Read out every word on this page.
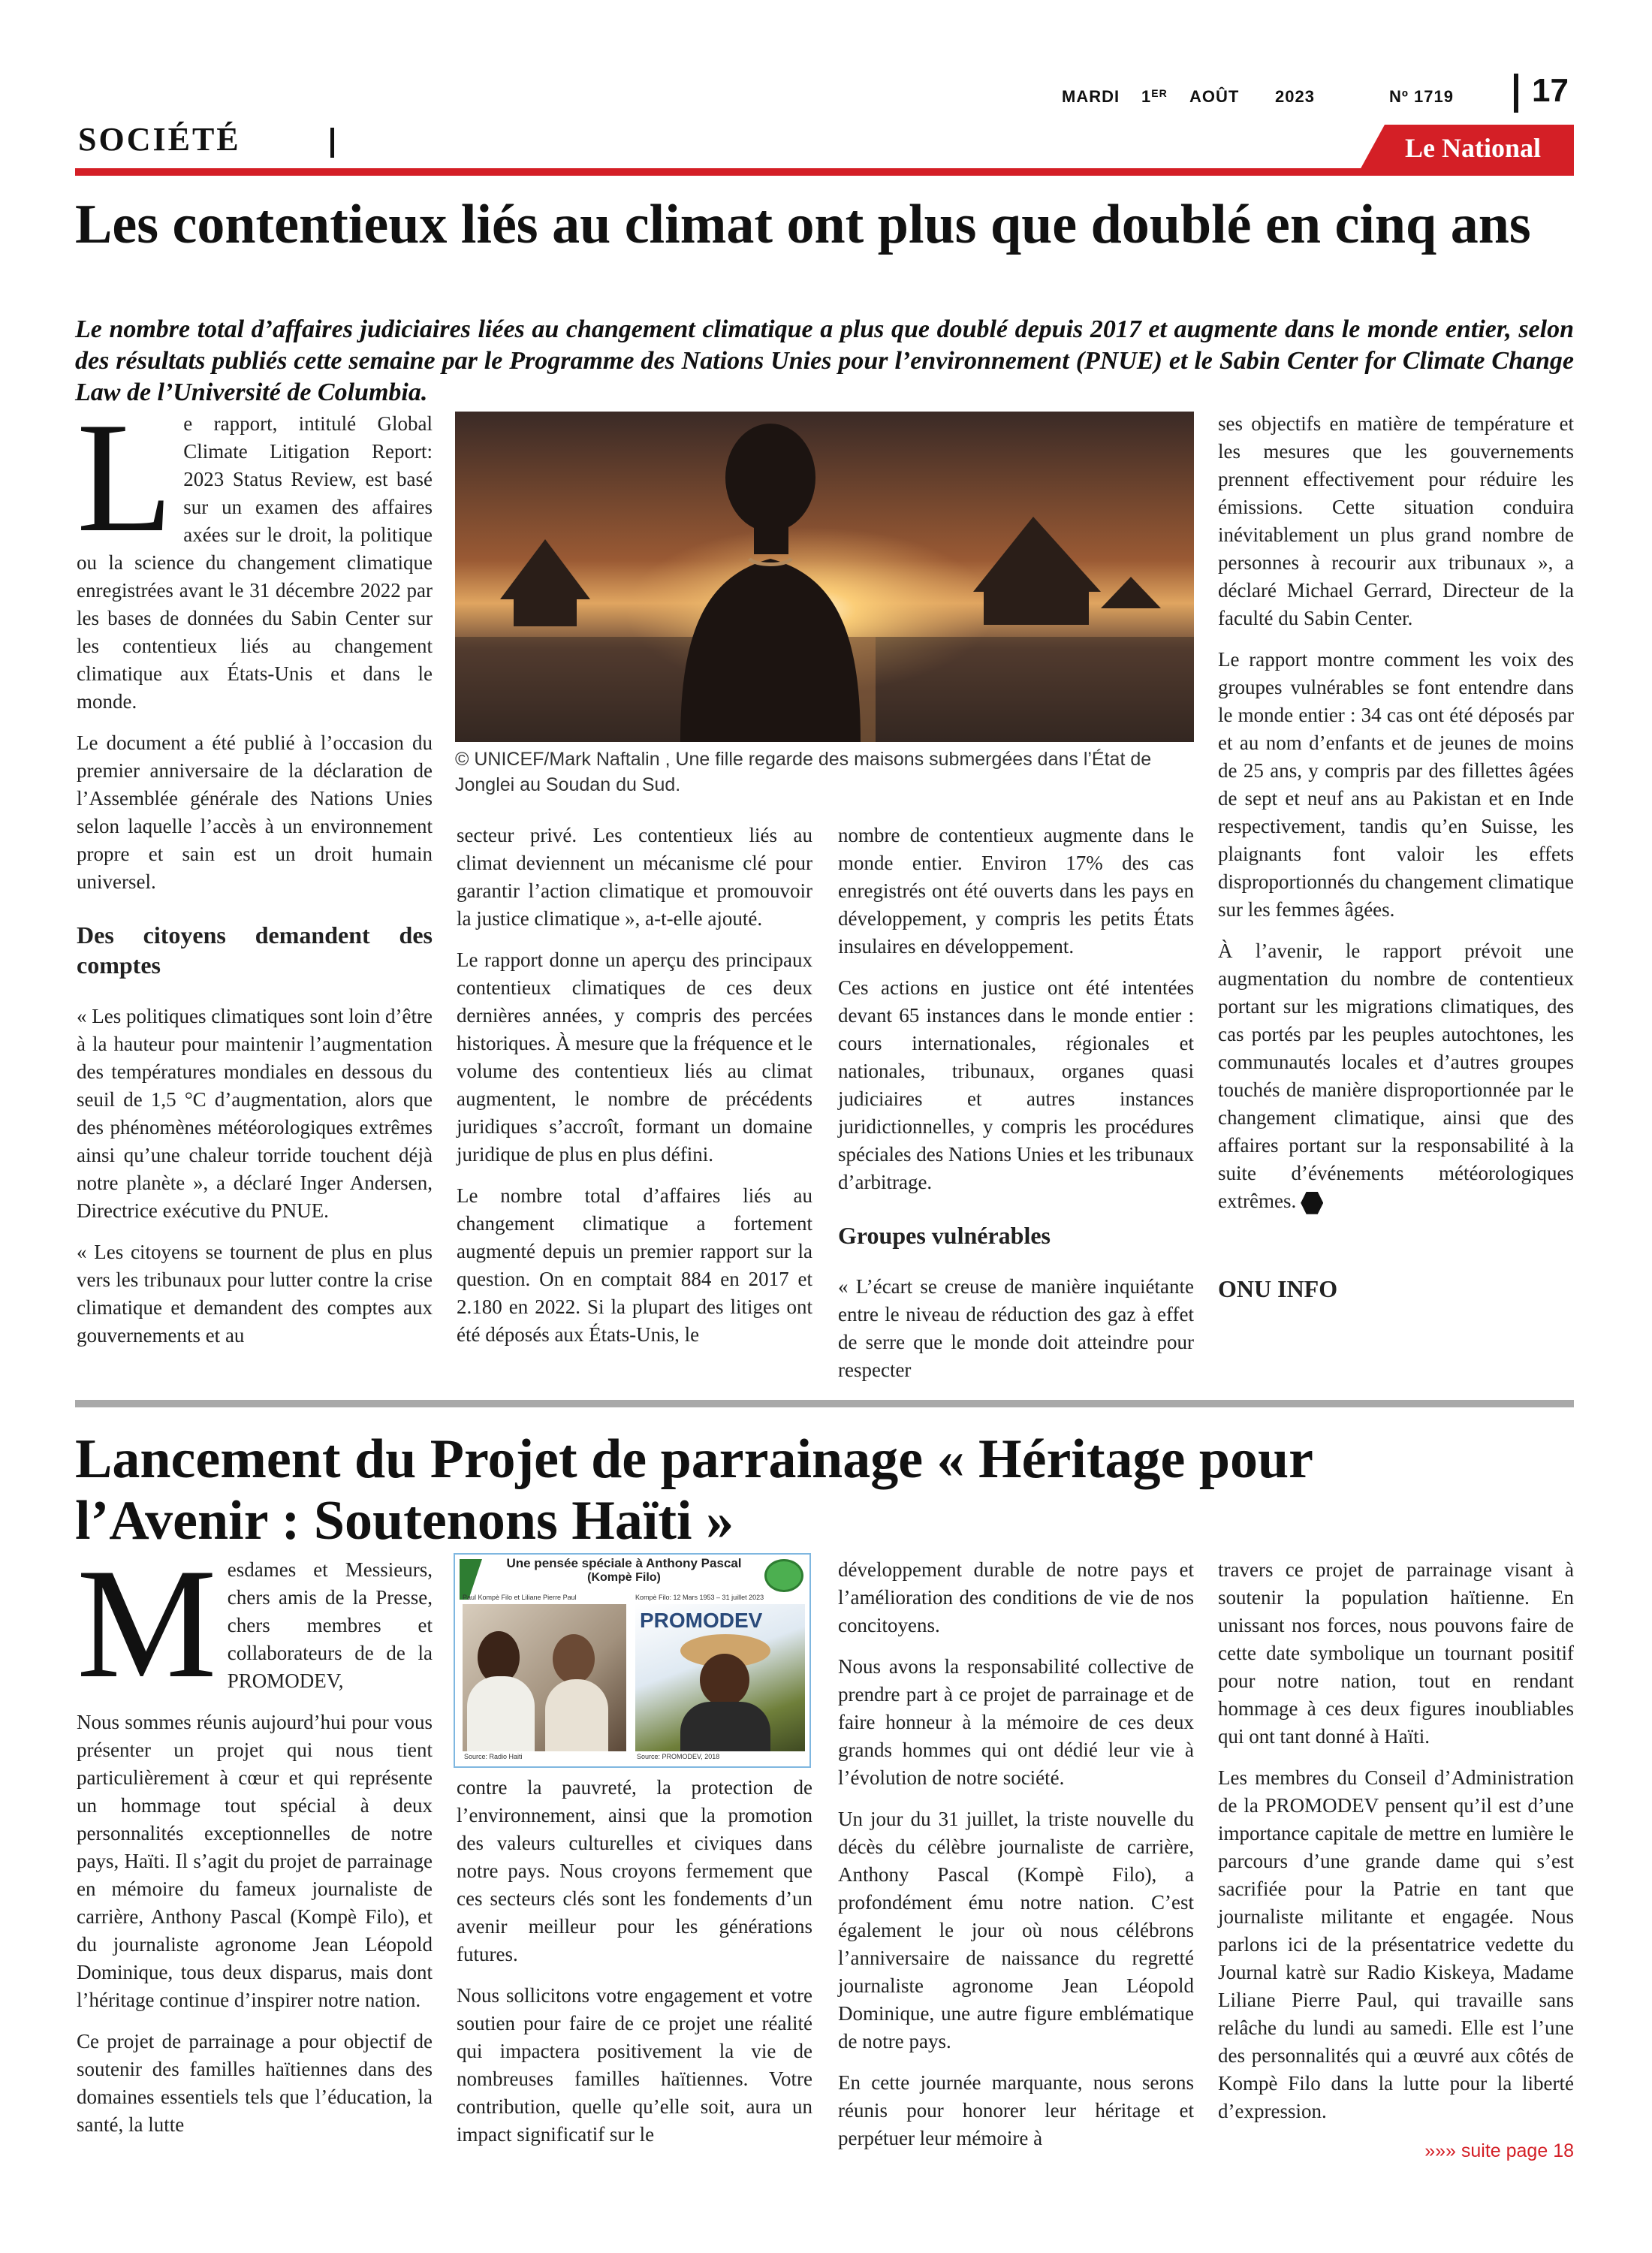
MARDI 1ER AOÛT 2023	Nº 1719 17
SOCIÉTÉ	Le National
Les contentieux liés au climat ont plus que doublé en cinq ans
Le nombre total d’affaires judiciaires liées au changement climatique a plus que doublé depuis 2017 et augmente dans le monde entier, selon des résultats publiés cette semaine par le Programme des Nations Unies pour l’environnement (PNUE) et le Sabin Center for Climate Change Law de l’Université de Columbia.
L e rapport, intitulé Global Climate Litigation Report: 2023 Status Review, est basé sur un examen des affaires axées sur le droit, la politique ou la science du changement climatique enregistrées avant le 31 décembre 2022 par les bases de données du Sabin Center sur les contentieux liés au changement climatique aux États-Unis et dans le monde.

Le document a été publié à l’occasion du premier anniversaire de la déclaration de l’Assemblée générale des Nations Unies selon laquelle l’accès à un environnement propre et sain est un droit humain universel.

Des citoyens demandent des comptes

« Les politiques climatiques sont loin d’être à la hauteur pour maintenir l’augmentation des températures mondiales en dessous du seuil de 1,5 °C d’augmentation, alors que des phénomènes météorologiques extrêmes ainsi qu’une chaleur torride touchent déjà notre planète », a déclaré Inger Andersen, Directrice exécutive du PNUE.

« Les citoyens se tournent de plus en plus vers les tribunaux pour lutter contre la crise climatique et demandent des comptes aux gouvernements et au

© UNICEF/Mark Naftalin , Une fille regarde des maisons submergées dans l’État de Jonglei au Soudan du Sud.

secteur privé. Les contentieux liés au climat deviennent un mécanisme clé pour garantir l’action climatique et promouvoir la justice climatique », a-t-elle ajouté.

Le rapport donne un aperçu des principaux contentieux climatiques de ces deux dernières années, y compris des percées historiques. À mesure que la fréquence et le volume des contentieux liés au climat augmentent, le nombre de précédents juridiques s’accroît, formant un domaine juridique de plus en plus défini.

Le nombre total d’affaires liés au changement climatique a fortement augmenté depuis un premier rapport sur la question. On en comptait 884 en 2017 et 2.180 en 2022. Si la plupart des litiges ont été déposés aux États-Unis, le

nombre de contentieux augmente dans le monde entier. Environ 17% des cas enregistrés ont été ouverts dans les pays en développement, y compris les petits États insulaires en développement.

Ces actions en justice ont été intentées devant 65 instances dans le monde entier : cours internationales, régionales et nationales, tribunaux, organes quasi judiciaires et autres instances juridictionnelles, y compris les procédures spéciales des Nations Unies et les tribunaux d’arbitrage.

Groupes vulnérables

« L’écart se creuse de manière inquiétante entre le niveau de réduction des gaz à effet de serre que le monde doit atteindre pour respecter

ses objectifs en matière de température et les mesures que les gouvernements prennent effectivement pour réduire les émissions. Cette situation conduira inévitablement un plus grand nombre de personnes à recourir aux tribunaux », a déclaré Michael Gerrard, Directeur de la faculté du Sabin Center.

Le rapport montre comment les voix des groupes vulnérables se font entendre dans le monde entier : 34 cas ont été déposés par et au nom d’enfants et de jeunes de moins de 25 ans, y compris par des fillettes âgées de sept et neuf ans au Pakistan et en Inde respectivement, tandis qu’en Suisse, les plaignants font valoir les effets disproportionnés du changement climatique sur les femmes âgées.

À l’avenir, le rapport prévoit une augmentation du nombre de contentieux portant sur les migrations climatiques, des cas portés par les peuples autochtones, les communautés locales et d’autres groupes touchés de manière disproportionnée par le changement climatique, ainsi que des affaires portant sur la responsabilité à la suite d’événements météorologiques extrêmes.

ONU INFO
Lancement du Projet de parrainage « Héritage pour l’Avenir : Soutenons Haïti »
M esdames et Messieurs, chers amis de la Presse, chers membres et collaborateurs de de la PROMODEV,

Nous sommes réunis aujourd’hui pour vous présenter un projet qui nous tient particulièrement à cœur et qui représente un hommage tout spécial à deux personnalités exceptionnelles de notre pays, Haïti. Il s’agit du projet de parrainage en mémoire du fameux journaliste de carrière, Anthony Pascal (Kompè Filo), et du journaliste agronome Jean Léopold Dominique, tous deux disparus, mais dont l’héritage continue d’inspirer notre nation.

Ce projet de parrainage a pour objectif de soutenir des familles haïtiennes dans des domaines essentiels tels que l’éducation, la santé, la lutte

Une pensée spéciale à Anthony Pascal
(Kompè Filo)
Paul Kompè Filo et Liliane Pierre Paul	Kompè Filo: 12 Mars 1953 – 31 juillet 2023
Source: Radio Haiti
PROMODEV
Source: PROMODEV, 2018

contre la pauvreté, la protection de l’environnement, ainsi que la promotion des valeurs culturelles et civiques dans notre pays. Nous croyons fermement que ces secteurs clés sont les fondements d’un avenir meilleur pour les générations futures.

Nous sollicitons votre engagement et votre soutien pour faire de ce projet une réalité qui impactera positivement la vie de nombreuses familles haïtiennes. Votre contribution, quelle qu’elle soit, aura un impact significatif sur le

développement durable de notre pays et l’amélioration des conditions de vie de nos concitoyens.

Nous avons la responsabilité collective de prendre part à ce projet de parrainage et de faire honneur à la mémoire de ces deux grands hommes qui ont dédié leur vie à l’évolution de notre société.

Un jour du 31 juillet, la triste nouvelle du décès du célèbre journaliste de carrière, Anthony Pascal (Kompè Filo), a profondément ému notre nation. C’est également le jour où nous célébrons l’anniversaire de naissance du regretté journaliste agronome Jean Léopold Dominique, une autre figure emblématique de notre pays.

En cette journée marquante, nous serons réunis pour honorer leur héritage et perpétuer leur mémoire à

travers ce projet de parrainage visant à soutenir la population haïtienne. En unissant nos forces, nous pouvons faire de cette date symbolique un tournant positif pour notre nation, tout en rendant hommage à ces deux figures inoubliables qui ont tant donné à Haïti.

Les membres du Conseil d’Administration de la PROMODEV pensent qu’il est d’une importance capitale de mettre en lumière le parcours d’une grande dame qui s’est sacrifiée pour la Patrie en tant que journaliste militante et engagée. Nous parlons ici de la présentatrice vedette du Journal katrè sur Radio Kiskeya, Madame Liliane Pierre Paul, qui travaille sans relâche du lundi au samedi. Elle est l’une des personnalités qui a œuvré aux côtés de Kompè Filo dans la lutte pour la liberté d’expression.

»»» suite page 18
